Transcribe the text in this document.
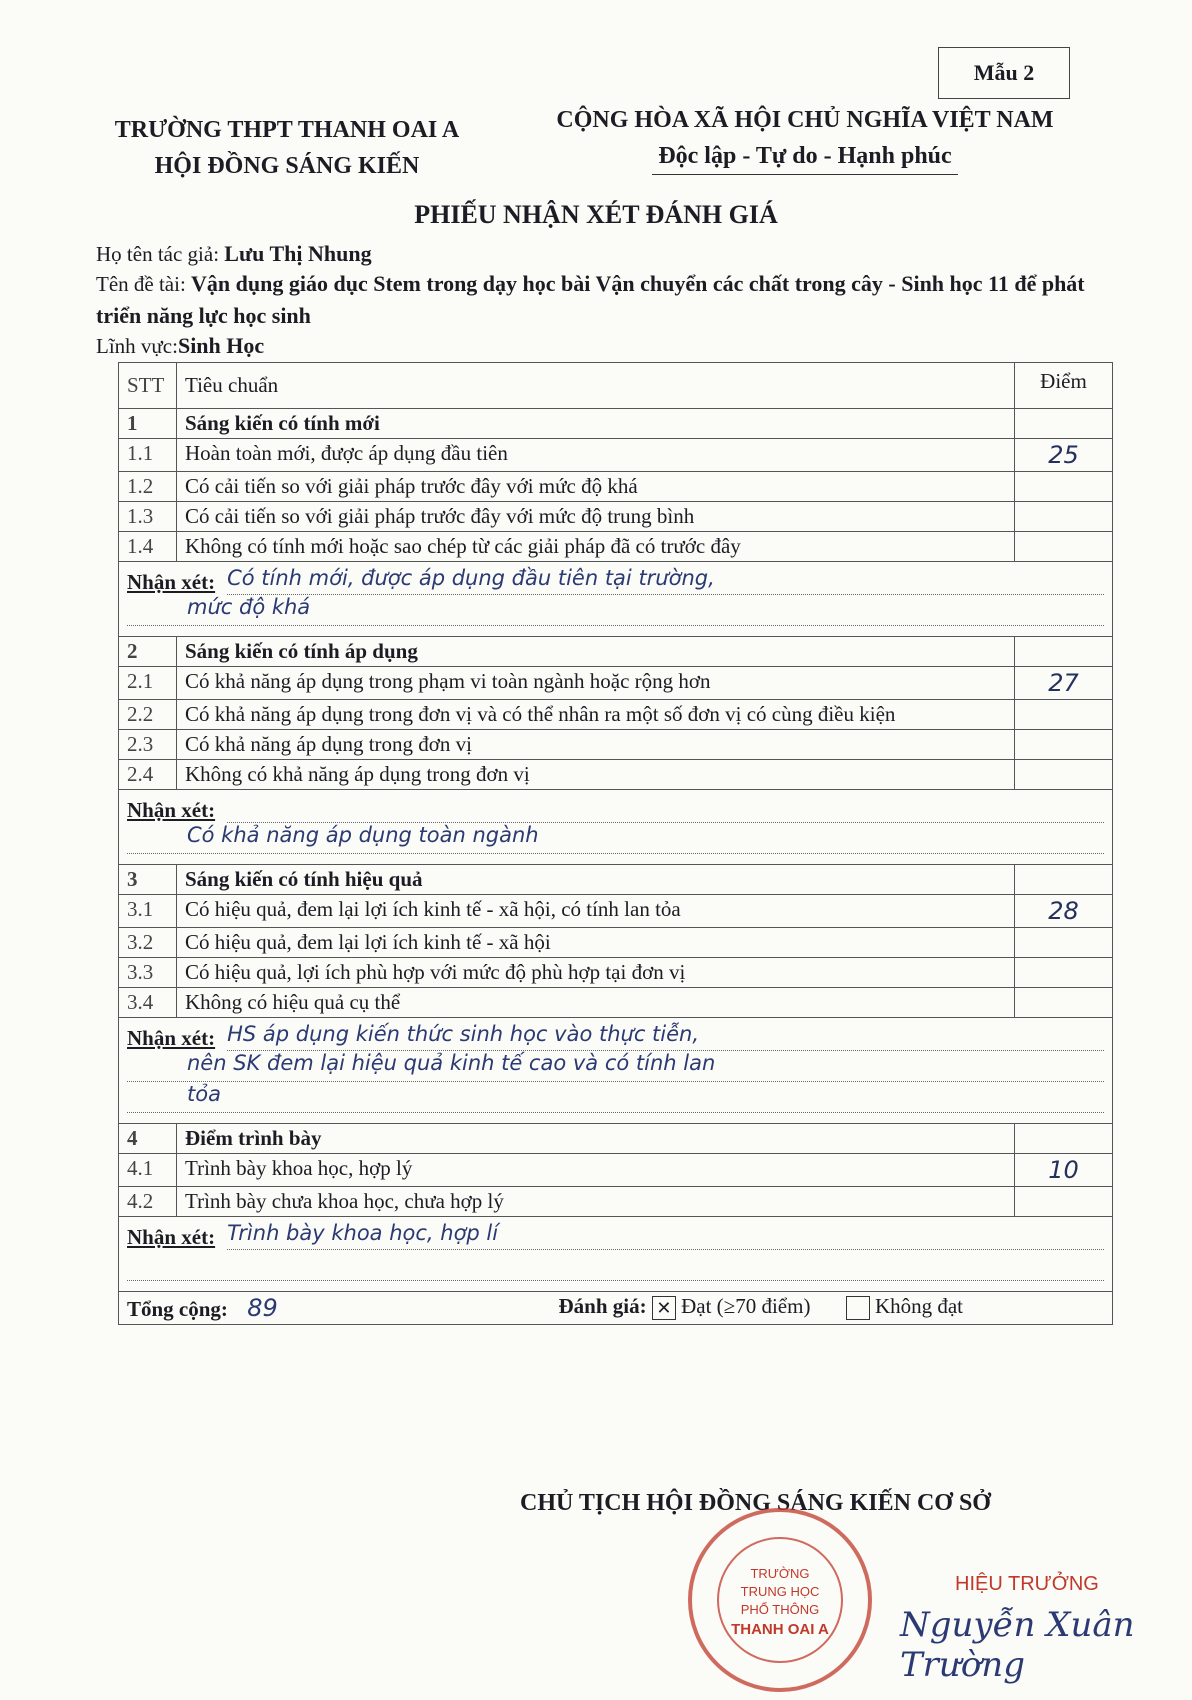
Mẫu 2
TRƯỜNG THPT THANH OAI A
HỘI ĐỒNG SÁNG KIẾN
CỘNG HÒA XÃ HỘI CHỦ NGHĨA VIỆT NAM
Độc lập - Tự do - Hạnh phúc
PHIẾU NHẬN XÉT ĐÁNH GIÁ
Họ tên tác giả: Lưu Thị Nhung
Tên đề tài: Vận dụng giáo dục Stem trong dạy học bài Vận chuyển các chất trong cây - Sinh học 11 để phát triển năng lực học sinh
Lĩnh vực:Sinh Học
STT	Tiêu chuẩn	Điểm
1	Sáng kiến có tính mới	
1.1	Hoàn toàn mới, được áp dụng đầu tiên	25
1.2	Có cải tiến so với giải pháp trước đây với mức độ khá	
1.3	Có cải tiến so với giải pháp trước đây với mức độ trung bình	
1.4	Không có tính mới hoặc sao chép từ các giải pháp đã có trước đây	

Nhận xét: Có tính mới, được áp dụng đầu tiên tại trường,
mức độ khá		

2	Sáng kiến có tính áp dụng	
2.1	Có khả năng áp dụng trong phạm vi toàn ngành hoặc rộng hơn	27
2.2	Có khả năng áp dụng trong đơn vị và có thể nhân ra một số đơn vị có cùng điều kiện	
2.3	Có khả năng áp dụng trong đơn vị	
2.4	Không có khả năng áp dụng trong đơn vị	

Nhận xét:
Có khả năng áp dụng toàn ngành		

3	Sáng kiến có tính hiệu quả	
3.1	Có hiệu quả, đem lại lợi ích kinh tế - xã hội, có tính lan tỏa	28
3.2	Có hiệu quả, đem lại lợi ích kinh tế - xã hội	
3.3	Có hiệu quả, lợi ích phù hợp với mức độ phù hợp tại đơn vị	
3.4	Không có hiệu quả cụ thể	

Nhận xét: HS áp dụng kiến thức sinh học vào thực tiễn,
nên SK đem lại hiệu quả kinh tế cao và có tính lan
tỏa		

4	Điểm trình bày	
4.1	Trình bày khoa học, hợp lý	10
4.2	Trình bày chưa khoa học, chưa hợp lý	

Nhận xét: Trình bày khoa học, hợp lí		

Tổng cộng: 89 Đánh giá: ✕ Đạt (≥70 điểm) Không đạt		
CHỦ TỊCH HỘI ĐỒNG SÁNG KIẾN CƠ SỞ
TRƯỜNG
TRUNG HỌC
PHỔ THÔNG
THANH OAI A
HIỆU TRƯỞNG
Nguyễn Xuân Trường
